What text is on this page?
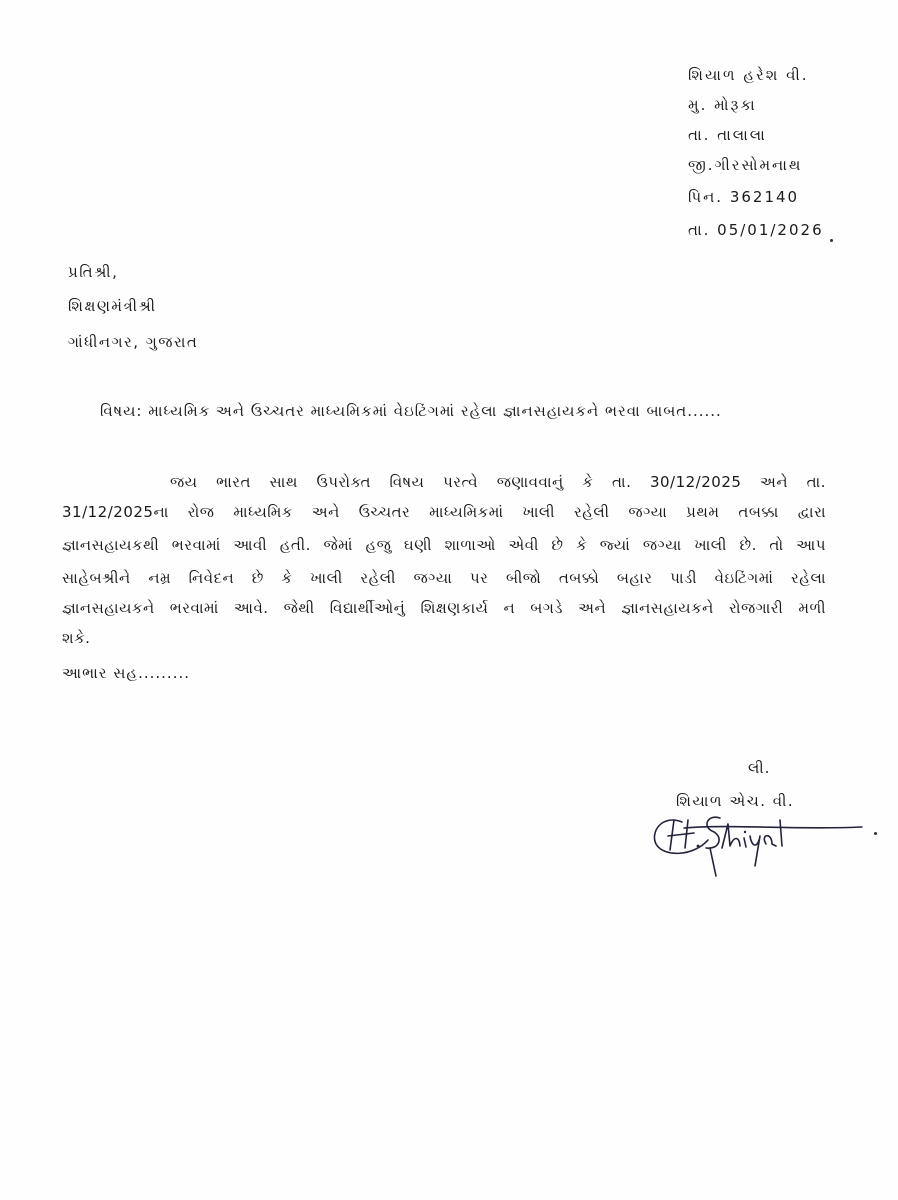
શિયાળ હરેશ વી.
મુ. મોરૂકા
તા. તાલાલા
જી.ગીરસોમનાથ
પિન. 362140
તા. 05/01/2026
પ્રતિશ્રી,
શિક્ષણમંત્રીશ્રી
ગાંધીનગર, ગુજરાત
વિષય: માધ્યમિક અને ઉચ્ચતર માધ્યમિકમાં વેઇટિંગમાં રહેલા જ્ઞાનસહાયકને ભરવા બાબત......
જય ભારત સાથ ઉપરોક્ત વિષય પરત્વે જણાવવાનું કે તા. 30/12/2025 અને તા.
31/12/2025ના રોજ માધ્યમિક અને ઉચ્ચતર માધ્યમિકમાં ખાલી રહેલી જગ્યા પ્રથમ તબક્કા દ્વારા
જ્ઞાનસહાયકથી ભરવામાં આવી હતી. જેમાં હજુ ઘણી શાળાઓ એવી છે કે જ્યાં જગ્યા ખાલી છે. તો આપ
સાહેબશ્રીને નમ્ર નિવેદન છે કે ખાલી રહેલી જગ્યા પર બીજો તબક્કો બહાર પાડી વેઇટિંગમાં રહેલા
જ્ઞાનસહાયકને ભરવામાં આવે. જેથી વિદ્યાર્થીઓનું શિક્ષણકાર્ય ન બગડે અને જ્ઞાનસહાયકને રોજગારી મળી
શકે.
આભાર સહ.........
લી.
શિયાળ એચ. વી.
